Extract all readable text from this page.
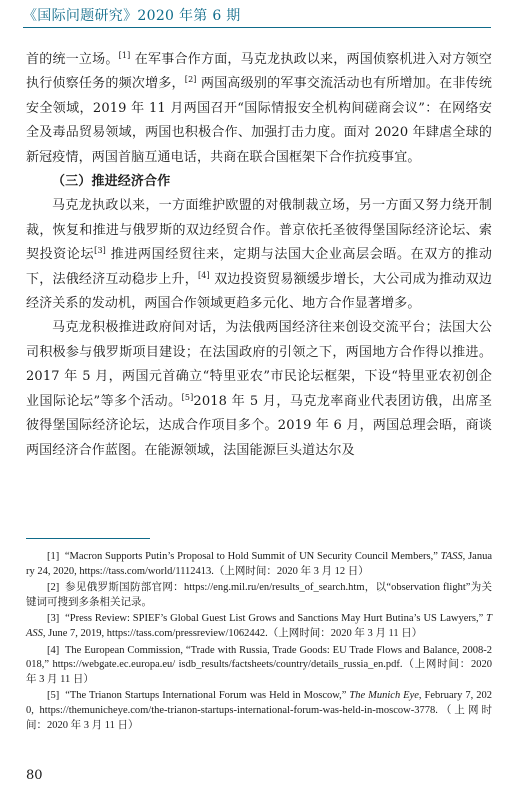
《国际问题研究》2020 年第 6 期

首的统一立场。[1] 在军事合作方面，马克龙执政以来，两国侦察机进入对方领空执行侦察任务的频次增多，[2] 两国高级别的军事交流活动也有所增加。在非传统安全领域，2019 年 11 月两国召开“国际情报安全机构间磋商会议”：在网络安全及毒品贸易领域，两国也积极合作、加强打击力度。面对 2020 年肆虐全球的新冠疫情，两国首脑互通电话，共商在联合国框架下合作抗疫事宜。

（三）推进经济合作

马克龙执政以来，一方面维护欧盟的对俄制裁立场，另一方面又努力绕开制裁，恢复和推进与俄罗斯的双边经贸合作。普京依托圣彼得堡国际经济论坛、索契投资论坛[3] 推进两国经贸往来，定期与法国大企业高层会晤。在双方的推动下，法俄经济互动稳步上升，[4] 双边投资贸易额缓步增长，大公司成为推动双边经济关系的发动机，两国合作领域更趋多元化、地方合作显著增多。

马克龙积极推进政府间对话，为法俄两国经济往来创设交流平台；法国大公司积极参与俄罗斯项目建设；在法国政府的引领之下，两国地方合作得以推进。2017 年 5 月，两国元首确立“特里亚农”市民论坛框架，下设“特里亚农初创企业国际论坛”等多个活动。[5]2018 年 5 月，马克龙率商业代表团访俄，出席圣彼得堡国际经济论坛，达成合作项目多个。2019 年 6 月，两国总理会晤，商谈两国经济合作蓝图。在能源领域，法国能源巨头道达尔及

[1] “Macron Supports Putin’s Proposal to Hold Summit of UN Security Council Members,” TASS, January 24, 2020, https://tass.com/world/1112413.（上网时间：2020 年 3 月 12 日）

[2] 参见俄罗斯国防部官网：https://eng.mil.ru/en/results_of_search.htm，以“observation flight”为关键词可搜到多条相关记录。

[3] “Press Review: SPIEF’s Global Guest List Grows and Sanctions May Hurt Butina’s US Lawyers,” TASS, June 7, 2019, https://tass.com/pressreview/1062442.（上网时间：2020 年 3 月 11 日）

[4] The European Commission, “Trade with Russia, Trade Goods: EU Trade Flows and Balance, 2008-2018,” https://webgate.ec.europa.eu/ isdb_results/factsheets/country/details_russia_en.pdf.（上网时间：2020 年 3 月 11 日）

[5] “The Trianon Startups International Forum was Held in Moscow,” The Munich Eye, February 7, 2020, https://themunicheye.com/the-trianon-startups-international-forum-was-held-in-moscow-3778.（上网时间：2020 年 3 月 11 日）

80
